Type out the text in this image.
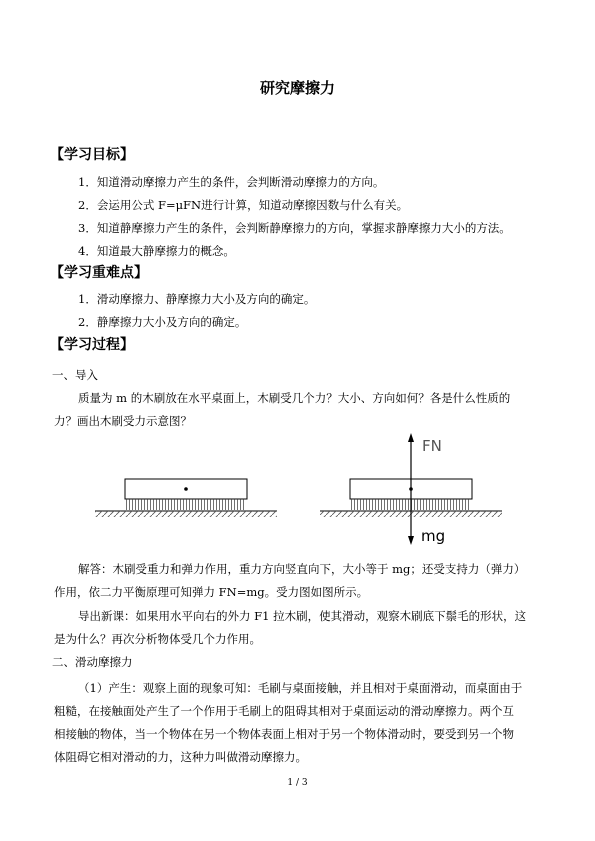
研究摩擦力
【学习目标】
1．知道滑动摩擦力产生的条件，会判断滑动摩擦力的方向。
2．会运用公式 F=μFN进行计算，知道动摩擦因数与什么有关。
3．知道静摩擦力产生的条件，会判断静摩擦力的方向，掌握求静摩擦力大小的方法。
4．知道最大静摩擦力的概念。
【学习重难点】
1．滑动摩擦力、静摩擦力大小及方向的确定。
2．静摩擦力大小及方向的确定。
【学习过程】
一、导入
质量为 m 的木刷放在水平桌面上，木刷受几个力？大小、方向如何？各是什么性质的
力？画出木刷受力示意图？
FN
mg
解答：木刷受重力和弹力作用，重力方向竖直向下，大小等于 mg；还受支持力（弹力）
作用，依二力平衡原理可知弹力 FN=mg。受力图如图所示。
导出新课：如果用水平向右的外力 F1 拉木刷，使其滑动，观察木刷底下鬃毛的形状，这
是为什么？再次分析物体受几个力作用。
二、滑动摩擦力
（1）产生：观察上面的现象可知：毛刷与桌面接触，并且相对于桌面滑动，而桌面由于
粗糙，在接触面处产生了一个作用于毛刷上的阻碍其相对于桌面运动的滑动摩擦力。两个互
相接触的物体，当一个物体在另一个物体表面上相对于另一个物体滑动时，要受到另一个物
体阻碍它相对滑动的力，这种力叫做滑动摩擦力。
1 / 3
